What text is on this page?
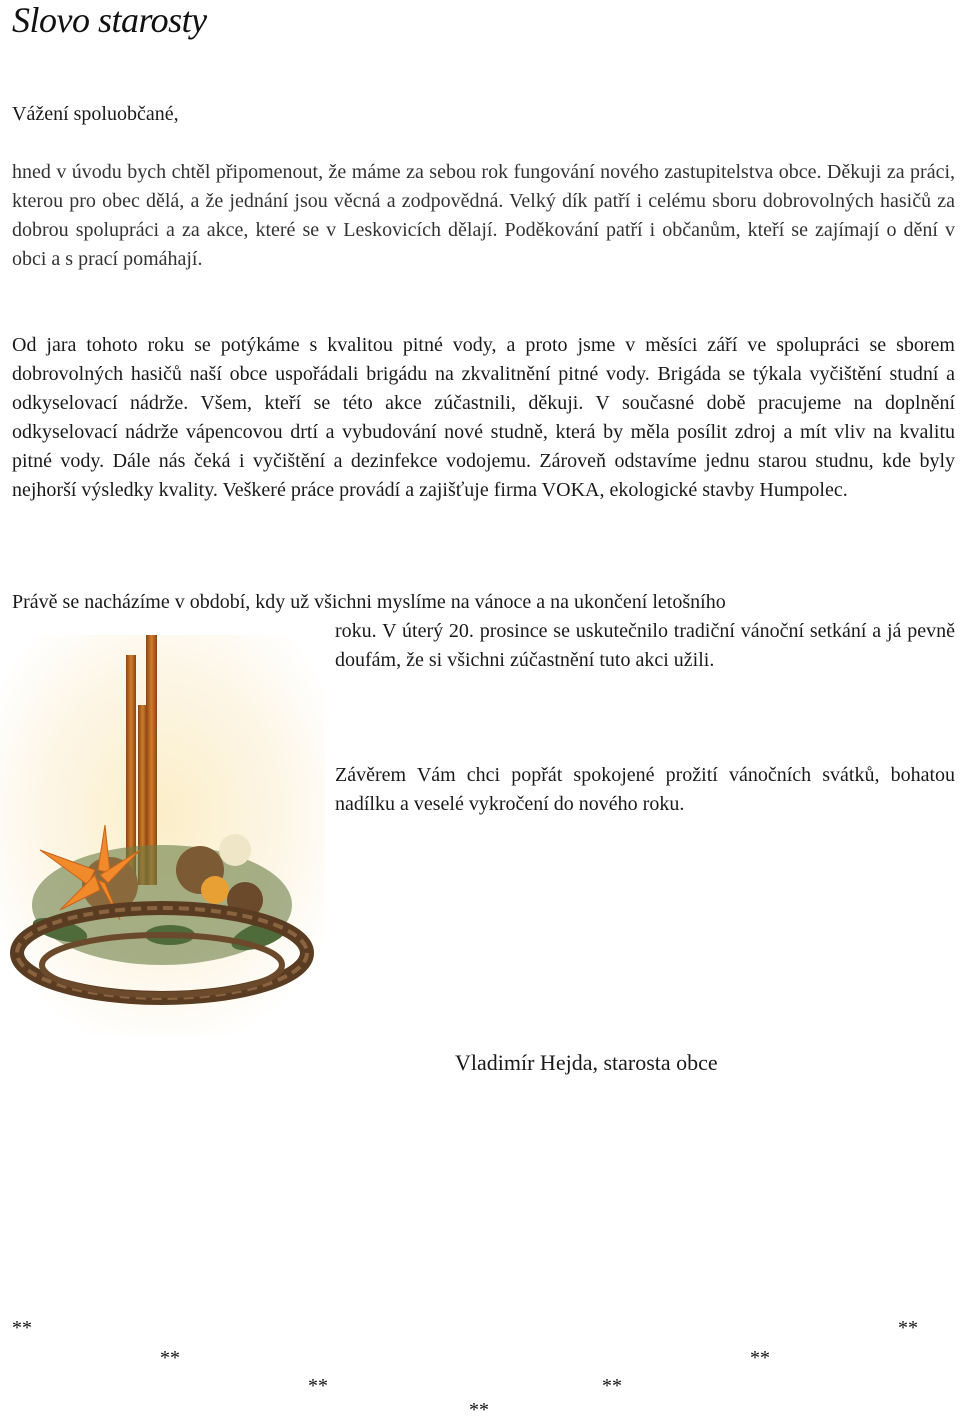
Slovo starosty

Vážení spoluobčané,

hned v úvodu bych chtěl připomenout, že máme za sebou rok fungování nového zastupitelstva obce. Děkuji za práci, kterou pro obec dělá, a že jednání jsou věcná a zodpovědná. Velký dík patří i celému sboru dobrovolných hasičů za dobrou spolupráci a za akce, které se v Leskovicích dělají. Poděkování patří i občanům, kteří se zajímají o dění v obci a s prací pomáhají.

Od jara tohoto roku se potýkáme s kvalitou pitné vody, a proto jsme v měsíci září ve spolupráci se sborem dobrovolných hasičů naší obce uspořádali brigádu na zkvalitnění pitné vody. Brigáda se týkala vyčištění studní a odkyselovací nádrže. Všem, kteří se této akce zúčastnili, děkuji. V současné době pracujeme na doplnění odkyselovací nádrže vápencovou drtí a vybudování nové studně, která by měla posílit zdroj a mít vliv na kvalitu pitné vody. Dále nás čeká i vyčištění a dezinfekce vodojemu. Zároveň odstavíme jednu starou studnu, kde byly nejhorší výsledky kvality. Veškeré práce provádí a zajišťuje firma VOKA, ekologické stavby Humpolec.

Právě se nacházíme v období, kdy už všichni myslíme na vánoce a na ukončení letošního
roku. V úterý 20. prosince se uskutečnilo tradiční vánoční setkání a já pevně doufám, že si všichni zúčastnění tuto akci užili.

Závěrem Vám chci popřát spokojené prožití vánočních svátků, bohatou nadílku a veselé vykročení do nového roku.

Vladimír Hejda, starosta obce

**	**
**	**
**	**
**
